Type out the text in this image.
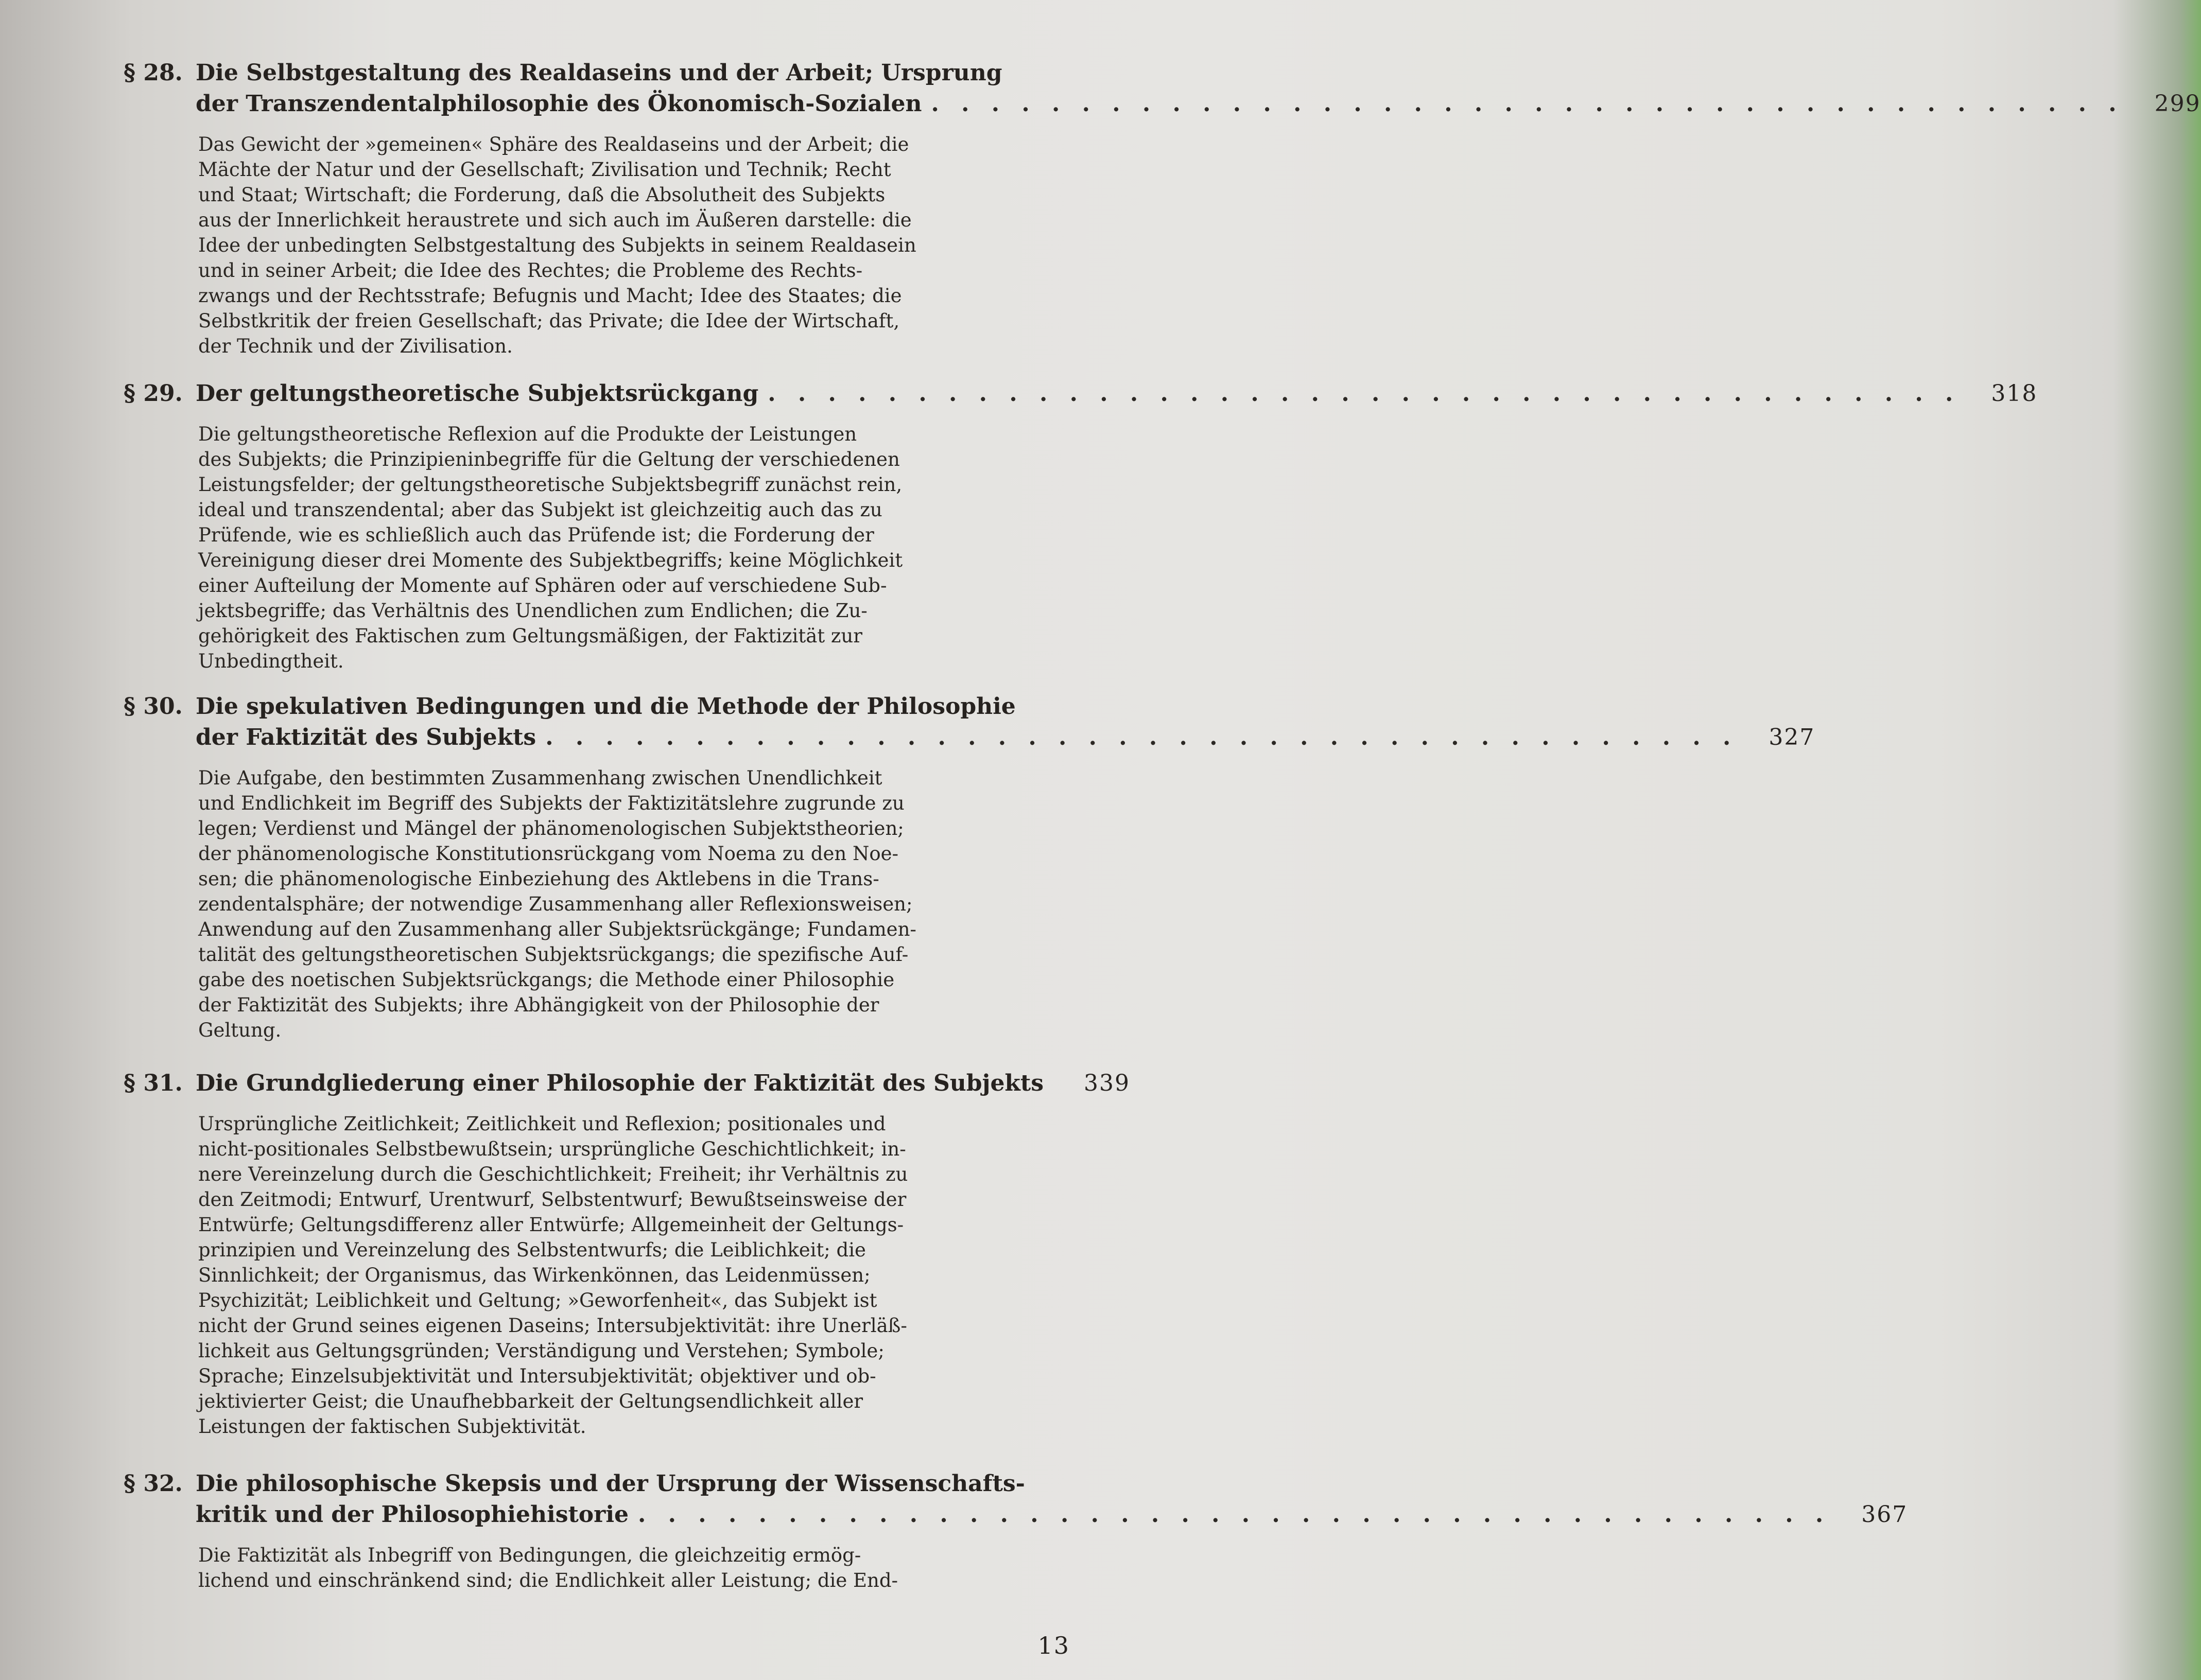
§ 28. Die Selbstgestaltung des Realdaseins und der Arbeit; Ursprung
der Transzendentalphilosophie des Ökonomisch-Sozialen . . . . . . . . . . . . . . . . . . . . . . . . . . . . . . . . . . . . . . . .	299
Das Gewicht der »gemeinen« Sphäre des Realdaseins und der Arbeit; die
Mächte der Natur und der Gesellschaft; Zivilisation und Technik; Recht
und Staat; Wirtschaft; die Forderung, daß die Absolutheit des Subjekts
aus der Innerlichkeit heraustrete und sich auch im Äußeren darstelle: die
Idee der unbedingten Selbstgestaltung des Subjekts in seinem Realdasein
und in seiner Arbeit; die Idee des Rechtes; die Probleme des Rechts-
zwangs und der Rechtsstrafe; Befugnis und Macht; Idee des Staates; die
Selbstkritik der freien Gesellschaft; das Private; die Idee der Wirtschaft,
der Technik und der Zivilisation.
§ 29. Der geltungstheoretische Subjektsrückgang . . . . . . . . . . . . . . . . . . . . . . . . . . . . . . . . . . . . . . . .	318
Die geltungstheoretische Reflexion auf die Produkte der Leistungen
des Subjekts; die Prinzipieninbegriffe für die Geltung der verschiedenen
Leistungsfelder; der geltungstheoretische Subjektsbegriff zunächst rein,
ideal und transzendental; aber das Subjekt ist gleichzeitig auch das zu
Prüfende, wie es schließlich auch das Prüfende ist; die Forderung der
Vereinigung dieser drei Momente des Subjektbegriffs; keine Möglichkeit
einer Aufteilung der Momente auf Sphären oder auf verschiedene Sub-
jektsbegriffe; das Verhältnis des Unendlichen zum Endlichen; die Zu-
gehörigkeit des Faktischen zum Geltungsmäßigen, der Faktizität zur
Unbedingtheit.
§ 30. Die spekulativen Bedingungen und die Methode der Philosophie
der Faktizität des Subjekts . . . . . . . . . . . . . . . . . . . . . . . . . . . . . . . . . . . . . . . .	327
Die Aufgabe, den bestimmten Zusammenhang zwischen Unendlichkeit
und Endlichkeit im Begriff des Subjekts der Faktizitätslehre zugrunde zu
legen; Verdienst und Mängel der phänomenologischen Subjektstheorien;
der phänomenologische Konstitutionsrückgang vom Noema zu den Noe-
sen; die phänomenologische Einbeziehung des Aktlebens in die Trans-
zendentalsphäre; der notwendige Zusammenhang aller Reflexionsweisen;
Anwendung auf den Zusammenhang aller Subjektsrückgänge; Fundamen-
talität des geltungstheoretischen Subjektsrückgangs; die spezifische Auf-
gabe des noetischen Subjektsrückgangs; die Methode einer Philosophie
der Faktizität des Subjekts; ihre Abhängigkeit von der Philosophie der
Geltung.
§ 31. Die Grundgliederung einer Philosophie der Faktizität des Subjekts	339
Ursprüngliche Zeitlichkeit; Zeitlichkeit und Reflexion; positionales und
nicht-positionales Selbstbewußtsein; ursprüngliche Geschichtlichkeit; in-
nere Vereinzelung durch die Geschichtlichkeit; Freiheit; ihr Verhältnis zu
den Zeitmodi; Entwurf, Urentwurf, Selbstentwurf; Bewußtseinsweise der
Entwürfe; Geltungsdifferenz aller Entwürfe; Allgemeinheit der Geltungs-
prinzipien und Vereinzelung des Selbstentwurfs; die Leiblichkeit; die
Sinnlichkeit; der Organismus, das Wirkenkönnen, das Leidenmüssen;
Psychizität; Leiblichkeit und Geltung; »Geworfenheit«, das Subjekt ist
nicht der Grund seines eigenen Daseins; Intersubjektivität: ihre Unerläß-
lichkeit aus Geltungsgründen; Verständigung und Verstehen; Symbole;
Sprache; Einzelsubjektivität und Intersubjektivität; objektiver und ob-
jektivierter Geist; die Unaufhebbarkeit der Geltungsendlichkeit aller
Leistungen der faktischen Subjektivität.
§ 32. Die philosophische Skepsis und der Ursprung der Wissenschafts-
kritik und der Philosophiehistorie . . . . . . . . . . . . . . . . . . . . . . . . . . . . . . . . . . . . . . . .	367
Die Faktizität als Inbegriff von Bedingungen, die gleichzeitig ermög-
lichend und einschränkend sind; die Endlichkeit aller Leistung; die End-
13
